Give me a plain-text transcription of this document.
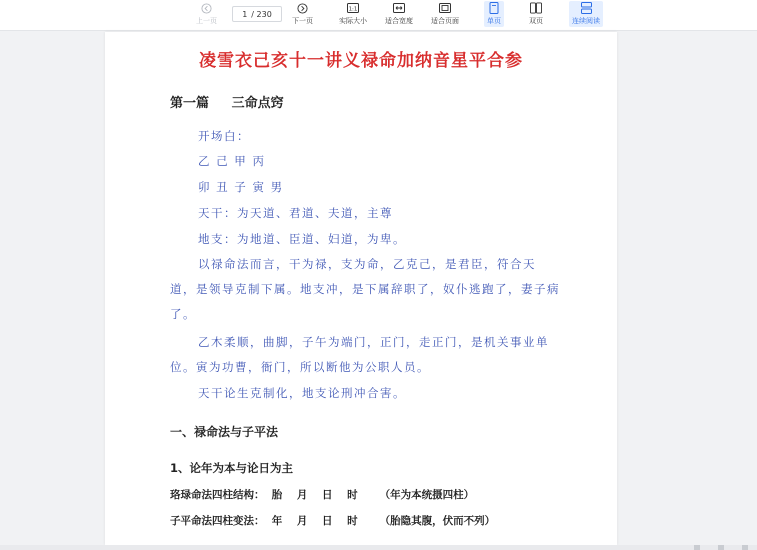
上一页
1 / 230
下一页
1:1
实际大小	适合宽度	适合页面	单页	双页	连续阅读
凌雪衣己亥十一讲义禄命加纳音星平合参
第一篇     三命点窍
开场白：
乙 己 甲 丙
卯 丑 子 寅 男
天干：为天道、君道、夫道，主尊
地支：为地道、臣道、妇道，为卑。
以禄命法而言，干为禄，支为命，乙克己，是君臣，符合天道，是领导克制下属。地支冲，是下属辞职了，奴仆逃跑了，妻子病了。
乙木柔顺，曲脚，子午为端门，正门，走正门，是机关事业单位。寅为功曹，衙门，所以断他为公职人员。
天干论生克制化，地支论刑冲合害。
一、禄命法与子平法
1、论年为本与论日为主
珞琭命法四柱结构：  胎    月    日    时      （年为本统摄四柱）
子平命法四柱变法：  年    月    日    时      （胎隐其腹，伏而不列）
